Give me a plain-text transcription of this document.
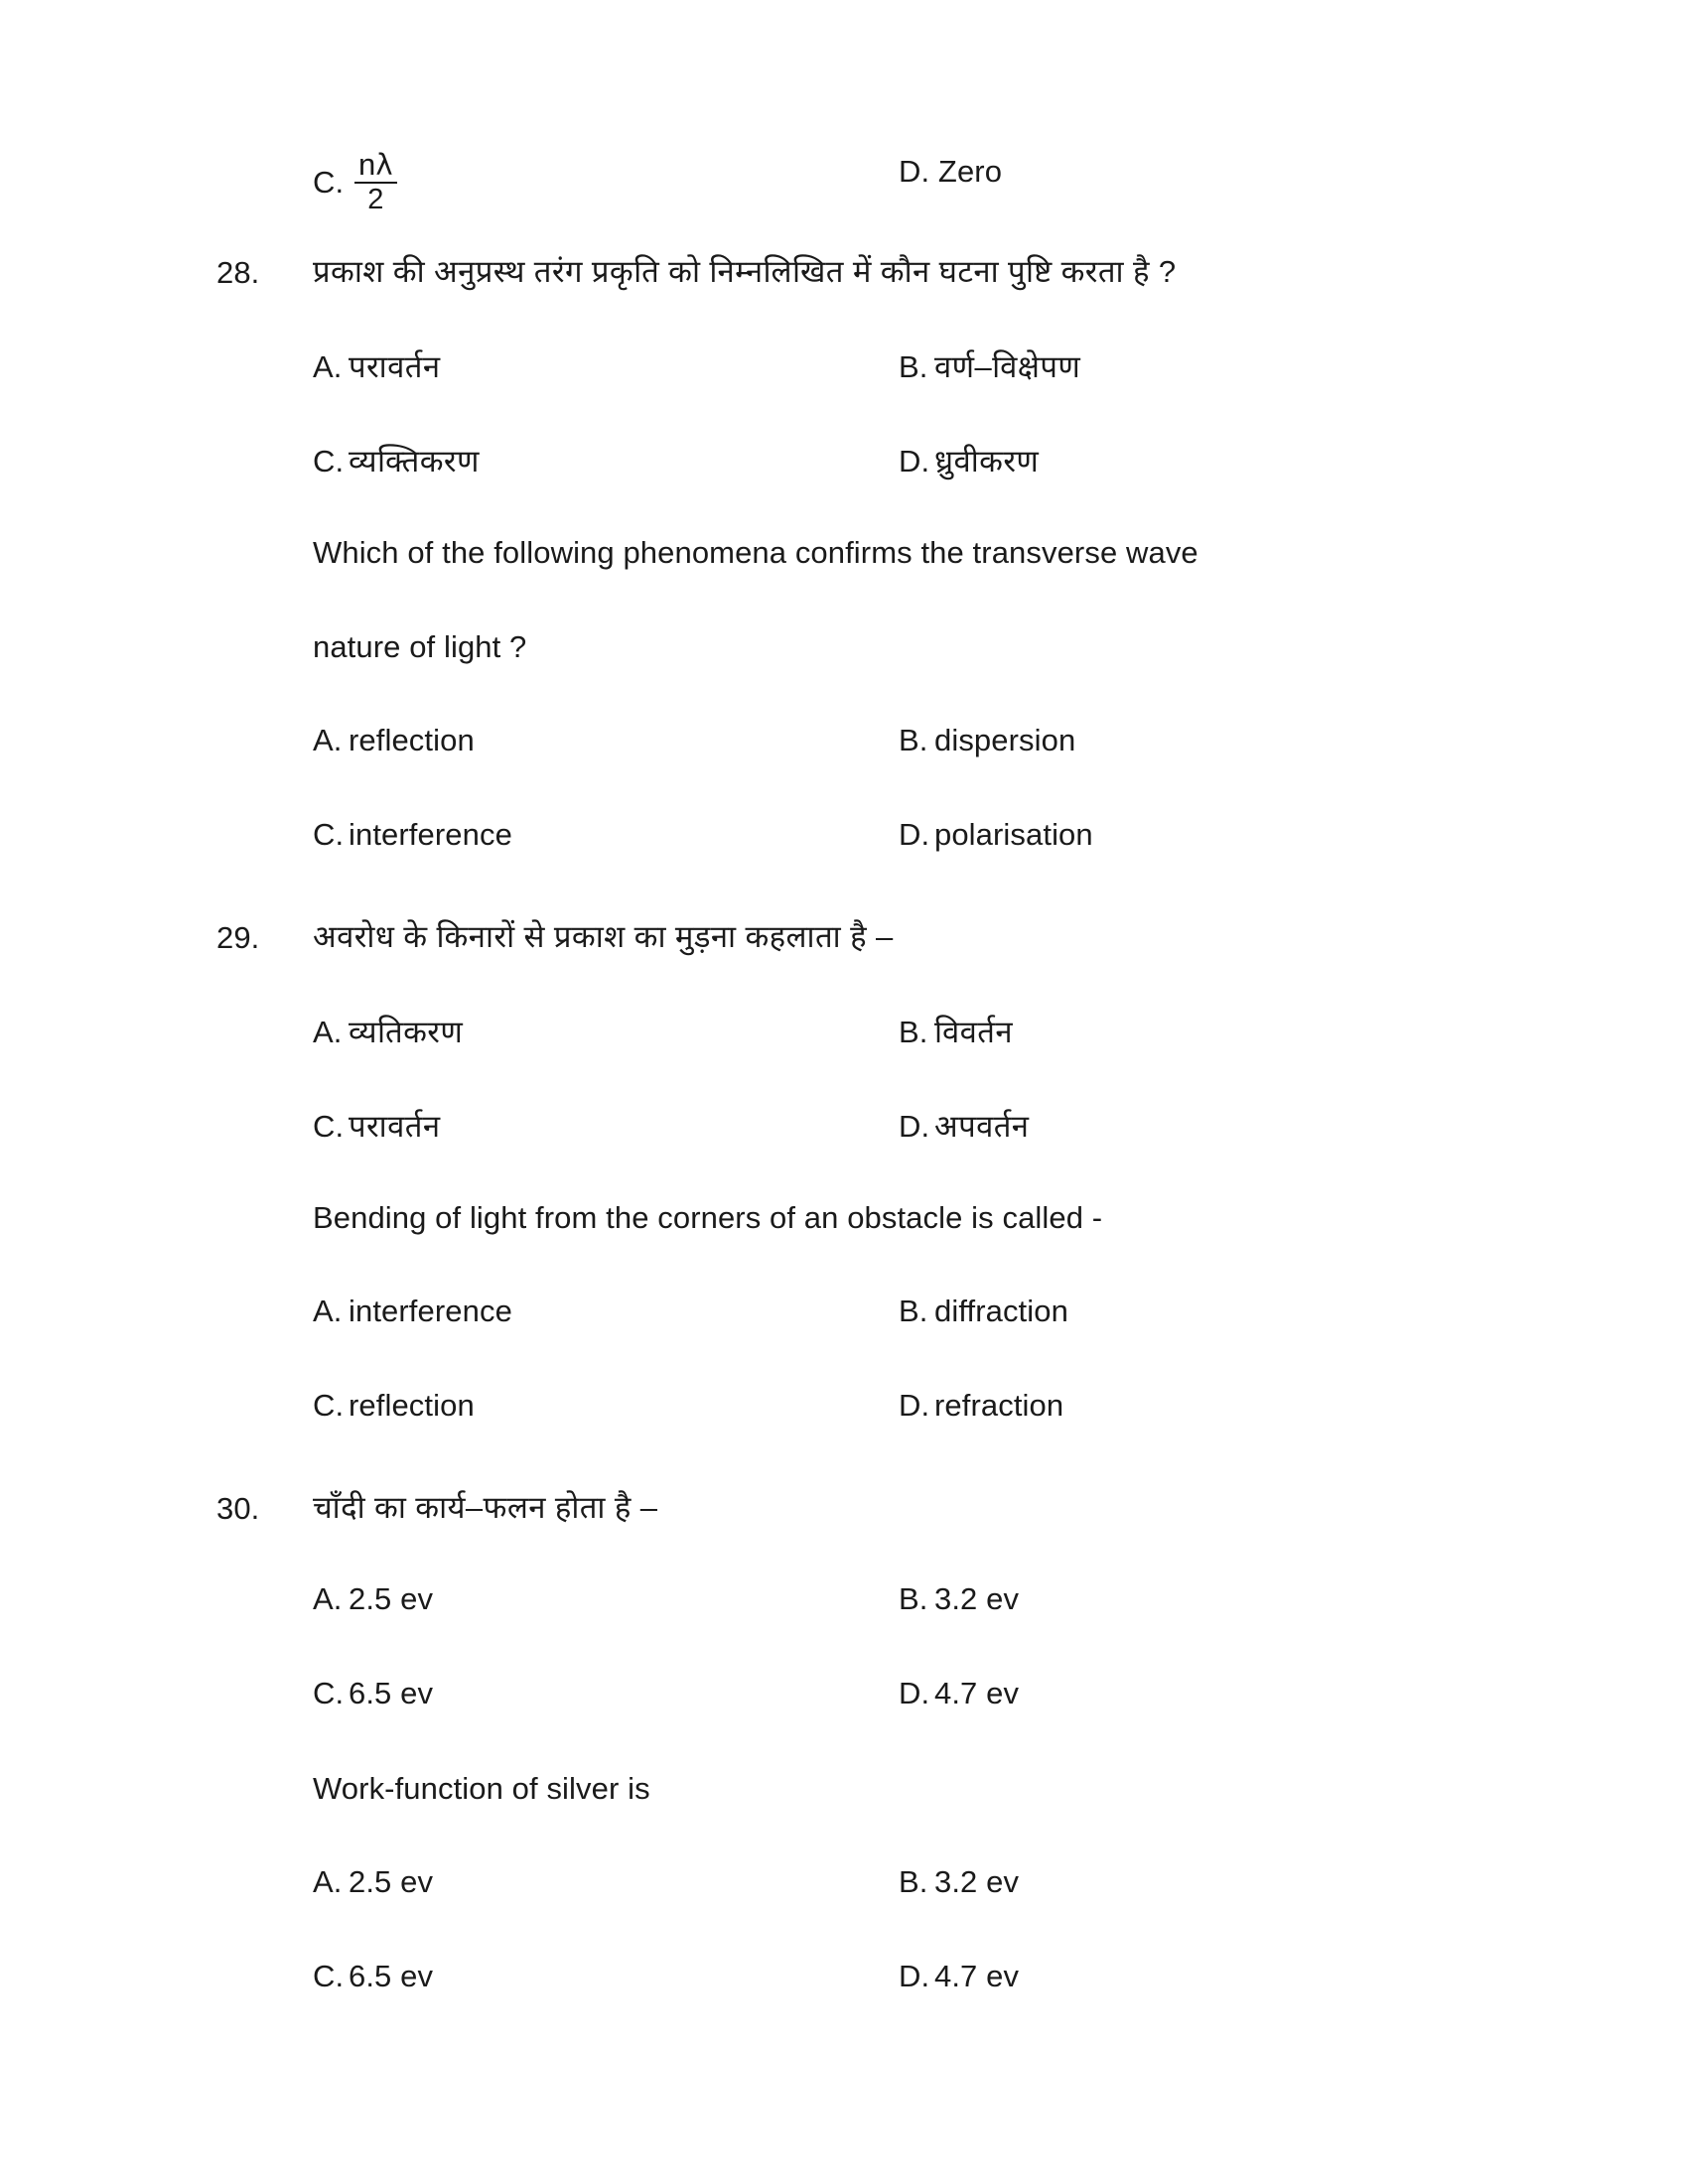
C. $\frac{n\lambda}{2}$	D. Zero
28.	प्रकाश की अनुप्रस्थ तरंग प्रकृति को निम्नलिखित में कौन घटना पुष्टि करता है ?
A. परावर्तन	B. वर्ण–विक्षेपण
C. व्यक्तिकरण	D. ध्रुवीकरण
Which of the following phenomena confirms the transverse wave
nature of light ?
A. reflection	B. dispersion
C. interference	D. polarisation
29.	अवरोध के किनारों से प्रकाश का मुड़ना कहलाता है –
A. व्यतिकरण	B. विवर्तन
C. परावर्तन	D. अपवर्तन
Bending of light from the corners of an obstacle is called -
A. interference	B. diffraction
C. reflection	D. refraction
30.	चाँदी का कार्य–फलन होता है –
A. 2.5 ev	B. 3.2 ev
C. 6.5 ev	D. 4.7 ev
Work-function of silver is
A. 2.5 ev	B. 3.2 ev
C. 6.5 ev	D. 4.7 ev
